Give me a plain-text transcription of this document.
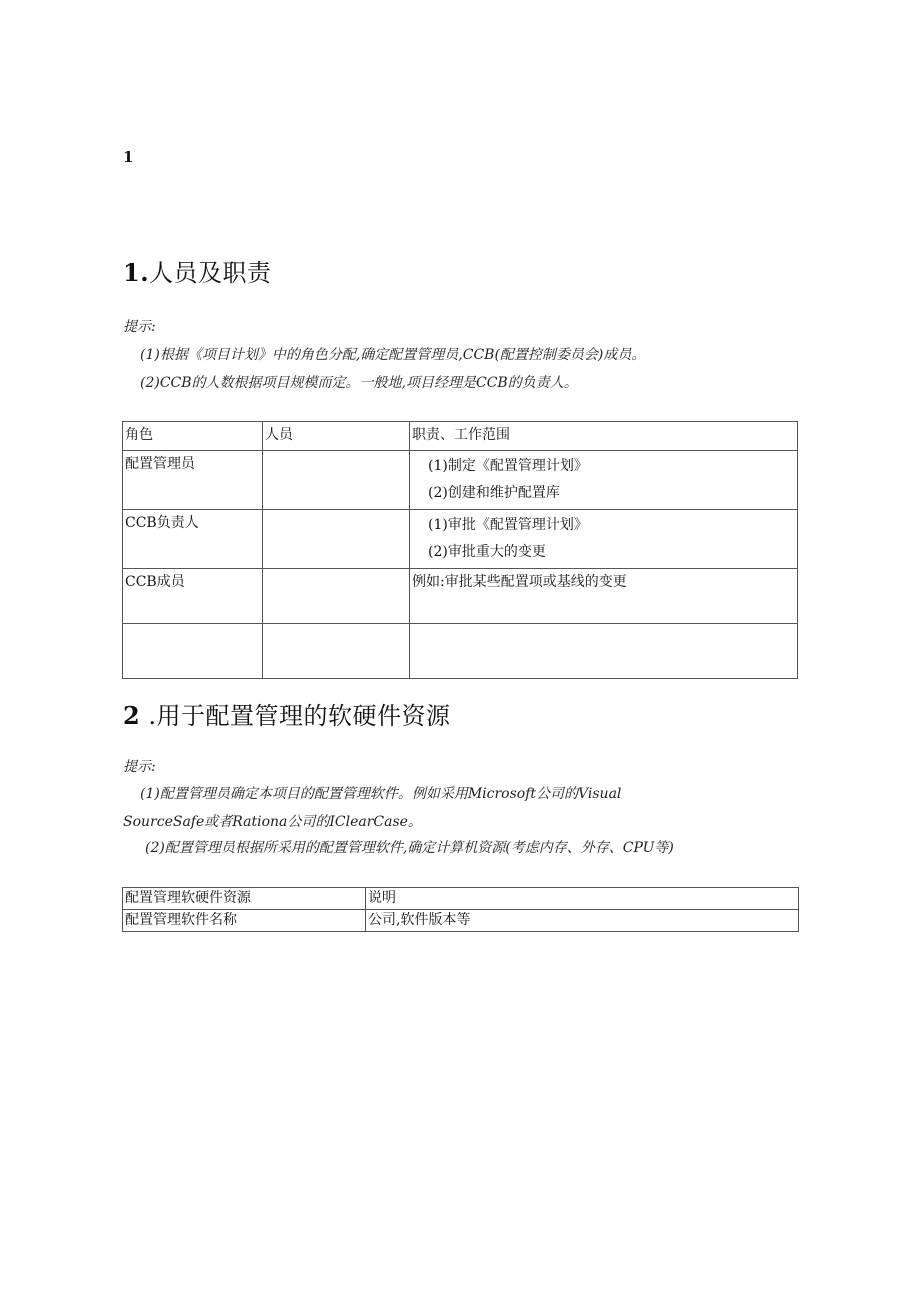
1
1.人员及职责
提示:
(1)根据《项目计划》中的角色分配,确定配置管理员,CCB(配置控制委员会)成员。
(2)CCB的人数根据项目规模而定。一般地,项目经理是CCB的负责人。
角色	人员	职责、工作范围
配置管理员		(1)制定《配置管理计划》
(2)创建和维护配置库

CCB负责人		(1)审批《配置管理计划》
(2)审批重大的变更

CCB成员		例如:审批某些配置项或基线的变更

2 .用于配置管理的软硬件资源
提示:
(1)配置管理员确定本项目的配置管理软件。例如采用Microsoft公司的Visual
SourceSafe或者Rationa公司的IClearCase。
(2)配置管理员根据所采用的配置管理软件,确定计算机资源(考虑内存、外存、CPU等)
配置管理软硬件资源	说明
配置管理软件名称	公司,软件版本等
